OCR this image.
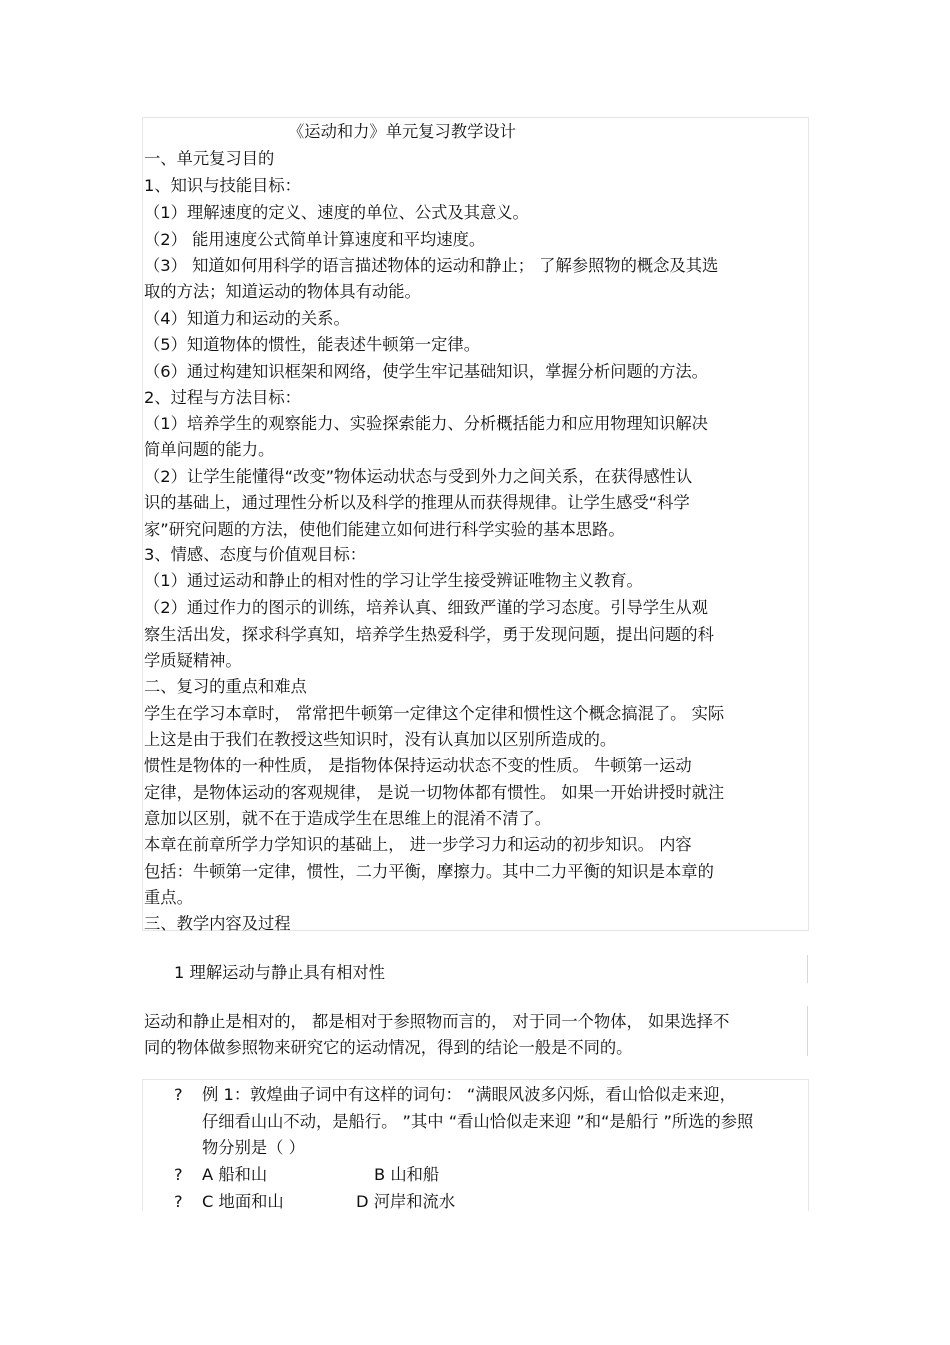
《运动和力》单元复习教学设计
一、单元复习目的
1、知识与技能目标：
（1）理解速度的定义、速度的单位、公式及其意义。
（2） 能用速度公式简单计算速度和平均速度。
（3） 知道如何用科学的语言描述物体的运动和静止； 了解参照物的概念及其选
取的方法；知道运动的物体具有动能。
（4）知道力和运动的关系。
（5）知道物体的惯性，能表述牛顿第一定律。
（6）通过构建知识框架和网络，使学生牢记基础知识，掌握分析问题的方法。
2、过程与方法目标：
（1）培养学生的观察能力、实验探索能力、分析概括能力和应用物理知识解决
简单问题的能力。
（2）让学生能懂得“改变”物体运动状态与受到外力之间关系，在获得感性认
识的基础上，通过理性分析以及科学的推理从而获得规律。让学生感受“科学
家”研究问题的方法，使他们能建立如何进行科学实验的基本思路。
3、情感、态度与价值观目标：
（1）通过运动和静止的相对性的学习让学生接受辨证唯物主义教育。
（2）通过作力的图示的训练，培养认真、细致严谨的学习态度。引导学生从观
察生活出发，探求科学真知，培养学生热爱科学，勇于发现问题，提出问题的科
学质疑精神。
二、复习的重点和难点
学生在学习本章时， 常常把牛顿第一定律这个定律和惯性这个概念搞混了。 实际
上这是由于我们在教授这些知识时，没有认真加以区别所造成的。
惯性是物体的一种性质， 是指物体保持运动状态不变的性质。 牛顿第一运动
定律，是物体运动的客观规律， 是说一切物体都有惯性。 如果一开始讲授时就注
意加以区别，就不在于造成学生在思维上的混淆不清了。
本章在前章所学力学知识的基础上， 进一步学习力和运动的初步知识。 内容
包括：牛顿第一定律，惯性，二力平衡，摩擦力。其中二力平衡的知识是本章的
重点。
三、教学内容及过程
1 理解运动与静止具有相对性
运动和静止是相对的， 都是相对于参照物而言的， 对于同一个物体， 如果选择不
同的物体做参照物来研究它的运动情况，得到的结论一般是不同的。
? 例 1：敦煌曲子词中有这样的词句： “满眼风波多闪烁，看山恰似走来迎，
仔细看山山不动，是船行。 ”其中 “看山恰似走来迎 ”和“是船行 ”所选的参照
物分别是（ ）
? A 船和山	B 山和船
? C 地面和山	D 河岸和流水
